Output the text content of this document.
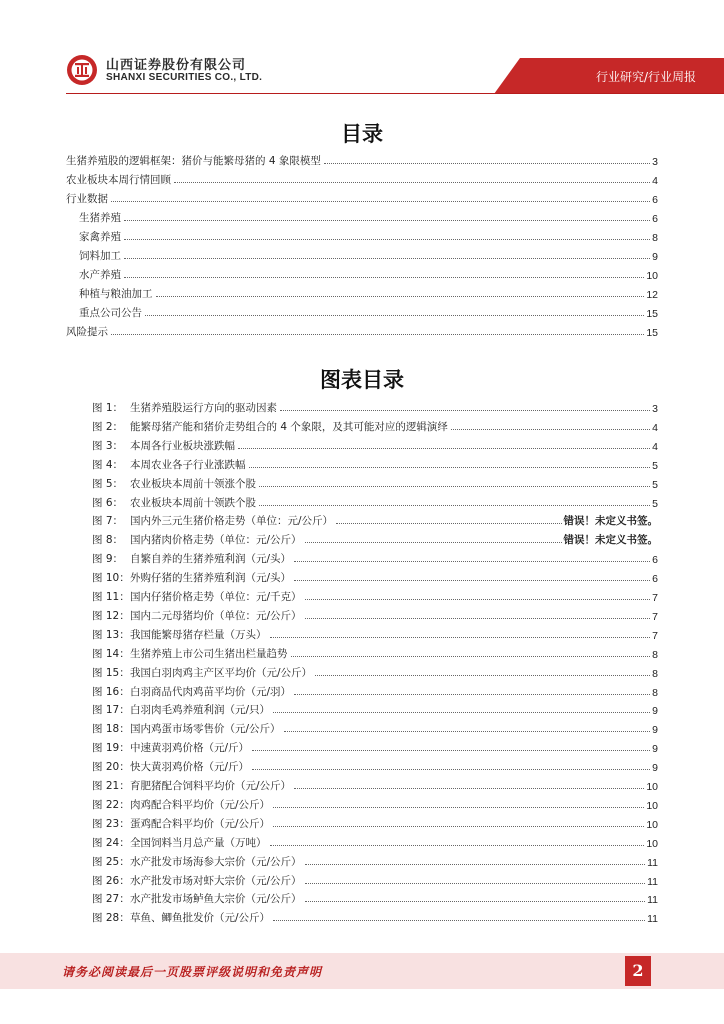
山西证券股份有限公司
SHANXI SECURITIES CO., LTD.	行业研究/行业周报
目录
生猪养殖股的逻辑框架：猪价与能繁母猪的 4 象限模型	3
农业板块本周行情回顾	4
行业数据	6
生猪养殖	6
家禽养殖	8
饲料加工	9
水产养殖	10
种植与粮油加工	12
重点公司公告	15
风险提示	15
图表目录
图 1： 生猪养殖股运行方向的驱动因素	3
图 2： 能繁母猪产能和猪价走势组合的 4 个象限，及其可能对应的逻辑演绎	4
图 3： 本周各行业板块涨跌幅	4
图 4： 本周农业各子行业涨跌幅	5
图 5： 农业板块本周前十领涨个股	5
图 6： 农业板块本周前十领跌个股	5
图 7： 国内外三元生猪价格走势（单位：元/公斤）	错误！未定义书签。
图 8： 国内猪肉价格走势（单位：元/公斤）	错误！未定义书签。
图 9： 自繁自养的生猪养殖利润（元/头）	6
图 10： 外购仔猪的生猪养殖利润（元/头）	6
图 11： 国内仔猪价格走势（单位：元/千克）	7
图 12： 国内二元母猪均价（单位：元/公斤）	7
图 13： 我国能繁母猪存栏量（万头）	7
图 14： 生猪养殖上市公司生猪出栏量趋势	8
图 15： 我国白羽肉鸡主产区平均价（元/公斤）	8
图 16： 白羽商品代肉鸡苗平均价（元/羽）	8
图 17： 白羽肉毛鸡养殖利润（元/只）	9
图 18： 国内鸡蛋市场零售价（元/公斤）	9
图 19： 中速黄羽鸡价格（元/斤）	9
图 20： 快大黄羽鸡价格（元/斤）	9
图 21： 育肥猪配合饲料平均价（元/公斤）	10
图 22： 肉鸡配合料平均价（元/公斤）	10
图 23： 蛋鸡配合料平均价（元/公斤）	10
图 24： 全国饲料当月总产量（万吨）	10
图 25： 水产批发市场海参大宗价（元/公斤）	11
图 26： 水产批发市场对虾大宗价（元/公斤）	11
图 27： 水产批发市场鲈鱼大宗价（元/公斤）	11
图 28： 草鱼、鲫鱼批发价（元/公斤）	11
请务必阅读最后一页股票评级说明和免责声明	2
